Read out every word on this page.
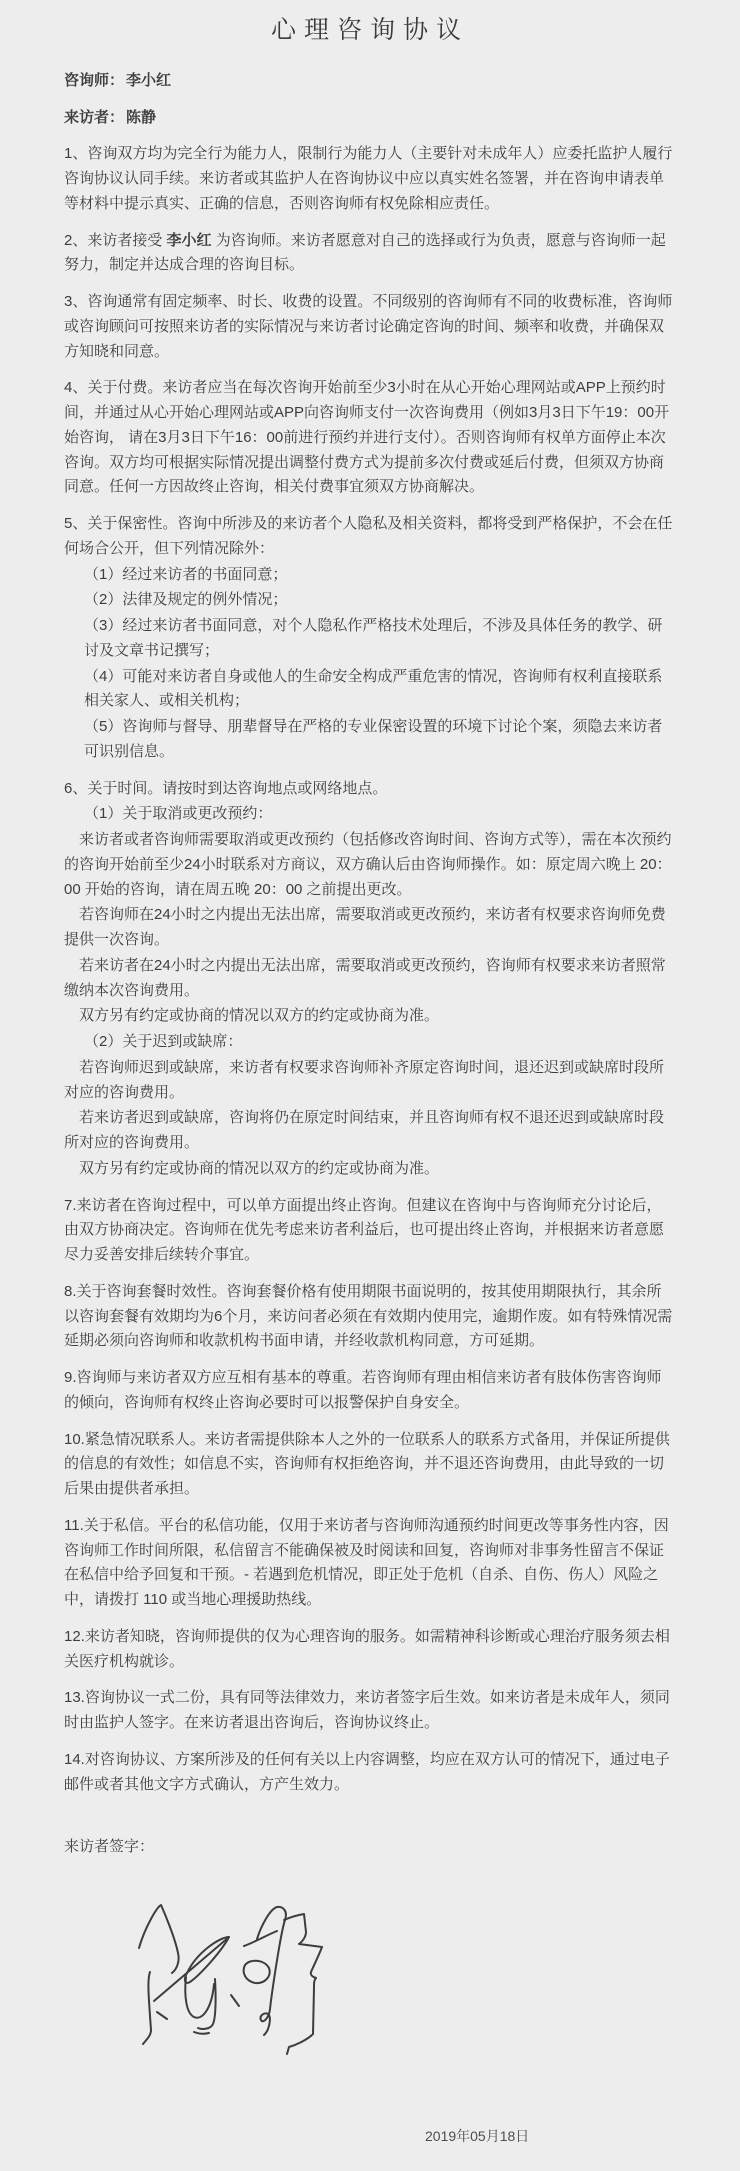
心理咨询协议
咨询师： 李小红
来访者： 陈静

1、咨询双方均为完全行为能力人，限制行为能力人（主要针对未成年人）应委托监护人履行咨询协议认同手续。来访者或其监护人在咨询协议中应以真实姓名签署，并在咨询申请表单等材料中提示真实、正确的信息，否则咨询师有权免除相应责任。

2、来访者接受 李小红 为咨询师。来访者愿意对自己的选择或行为负责，愿意与咨询师一起努力，制定并达成合理的咨询目标。

3、咨询通常有固定频率、时长、收费的设置。不同级别的咨询师有不同的收费标准，咨询师或咨询顾问可按照来访者的实际情况与来访者讨论确定咨询的时间、频率和收费，并确保双方知晓和同意。

4、关于付费。来访者应当在每次咨询开始前至少3小时在从心开始心理网站或APP上预约时间，并通过从心开始心理网站或APP向咨询师支付一次咨询费用（例如3月3日下午19：00开始咨询， 请在3月3日下午16：00前进行预约并进行支付）。否则咨询师有权单方面停止本次咨询。双方均可根据实际情况提出调整付费方式为提前多次付费或延后付费，但须双方协商同意。任何一方因故终止咨询，相关付费事宜须双方协商解决。

5、关于保密性。咨询中所涉及的来访者个人隐私及相关资料，都将受到严格保护，不会在任何场合公开，但下列情况除外：

（1）经过来访者的书面同意；

（2）法律及规定的例外情况；

（3）经过来访者书面同意，对个人隐私作严格技术处理后，不涉及具体任务的教学、研讨及文章书记撰写；

（4）可能对来访者自身或他人的生命安全构成严重危害的情况，咨询师有权利直接联系相关家人、或相关机构；

（5）咨询师与督导、朋辈督导在严格的专业保密设置的环境下讨论个案，须隐去来访者可识别信息。

6、关于时间。请按时到达咨询地点或网络地点。

（1）关于取消或更改预约：

来访者或者咨询师需要取消或更改预约（包括修改咨询时间、咨询方式等），需在本次预约的咨询开始前至少24小时联系对方商议，双方确认后由咨询师操作。如：原定周六晚上 20：00 开始的咨询，请在周五晚 20：00 之前提出更改。

若咨询师在24小时之内提出无法出席，需要取消或更改预约，来访者有权要求咨询师免费提供一次咨询。

若来访者在24小时之内提出无法出席，需要取消或更改预约，咨询师有权要求来访者照常缴纳本次咨询费用。

双方另有约定或协商的情况以双方的约定或协商为准。

（2）关于迟到或缺席：

若咨询师迟到或缺席，来访者有权要求咨询师补齐原定咨询时间，退还迟到或缺席时段所对应的咨询费用。

若来访者迟到或缺席，咨询将仍在原定时间结束，并且咨询师有权不退还迟到或缺席时段所对应的咨询费用。

双方另有约定或协商的情况以双方的约定或协商为准。

7.来访者在咨询过程中，可以单方面提出终止咨询。但建议在咨询中与咨询师充分讨论后，由双方协商决定。咨询师在优先考虑来访者利益后，也可提出终止咨询，并根据来访者意愿尽力妥善安排后续转介事宜。

8.关于咨询套餐时效性。咨询套餐价格有使用期限书面说明的，按其使用期限执行，其余所以咨询套餐有效期均为6个月，来访问者必须在有效期内使用完，逾期作废。如有特殊情况需延期必须向咨询师和收款机构书面申请，并经收款机构同意，方可延期。

9.咨询师与来访者双方应互相有基本的尊重。若咨询师有理由相信来访者有肢体伤害咨询师的倾向，咨询师有权终止咨询必要时可以报警保护自身安全。

10.紧急情况联系人。来访者需提供除本人之外的一位联系人的联系方式备用，并保证所提供的信息的有效性；如信息不实，咨询师有权拒绝咨询，并不退还咨询费用，由此导致的一切后果由提供者承担。

11.关于私信。平台的私信功能，仅用于来访者与咨询师沟通预约时间更改等事务性内容，因咨询师工作时间所限，私信留言不能确保被及时阅读和回复，咨询师对非事务性留言不保证在私信中给予回复和干预。- 若遇到危机情况，即正处于危机（自杀、自伤、伤人）风险之中，请拨打 110 或当地心理援助热线。

12.来访者知晓，咨询师提供的仅为心理咨询的服务。如需精神科诊断或心理治疗服务须去相关医疗机构就诊。

13.咨询协议一式二份，具有同等法律效力，来访者签字后生效。如来访者是未成年人，须同时由监护人签字。在来访者退出咨询后，咨询协议终止。

14.对咨询协议、方案所涉及的任何有关以上内容调整，均应在双方认可的情况下，通过电子邮件或者其他文字方式确认，方产生效力。

来访者签字：

2019年05月18日
